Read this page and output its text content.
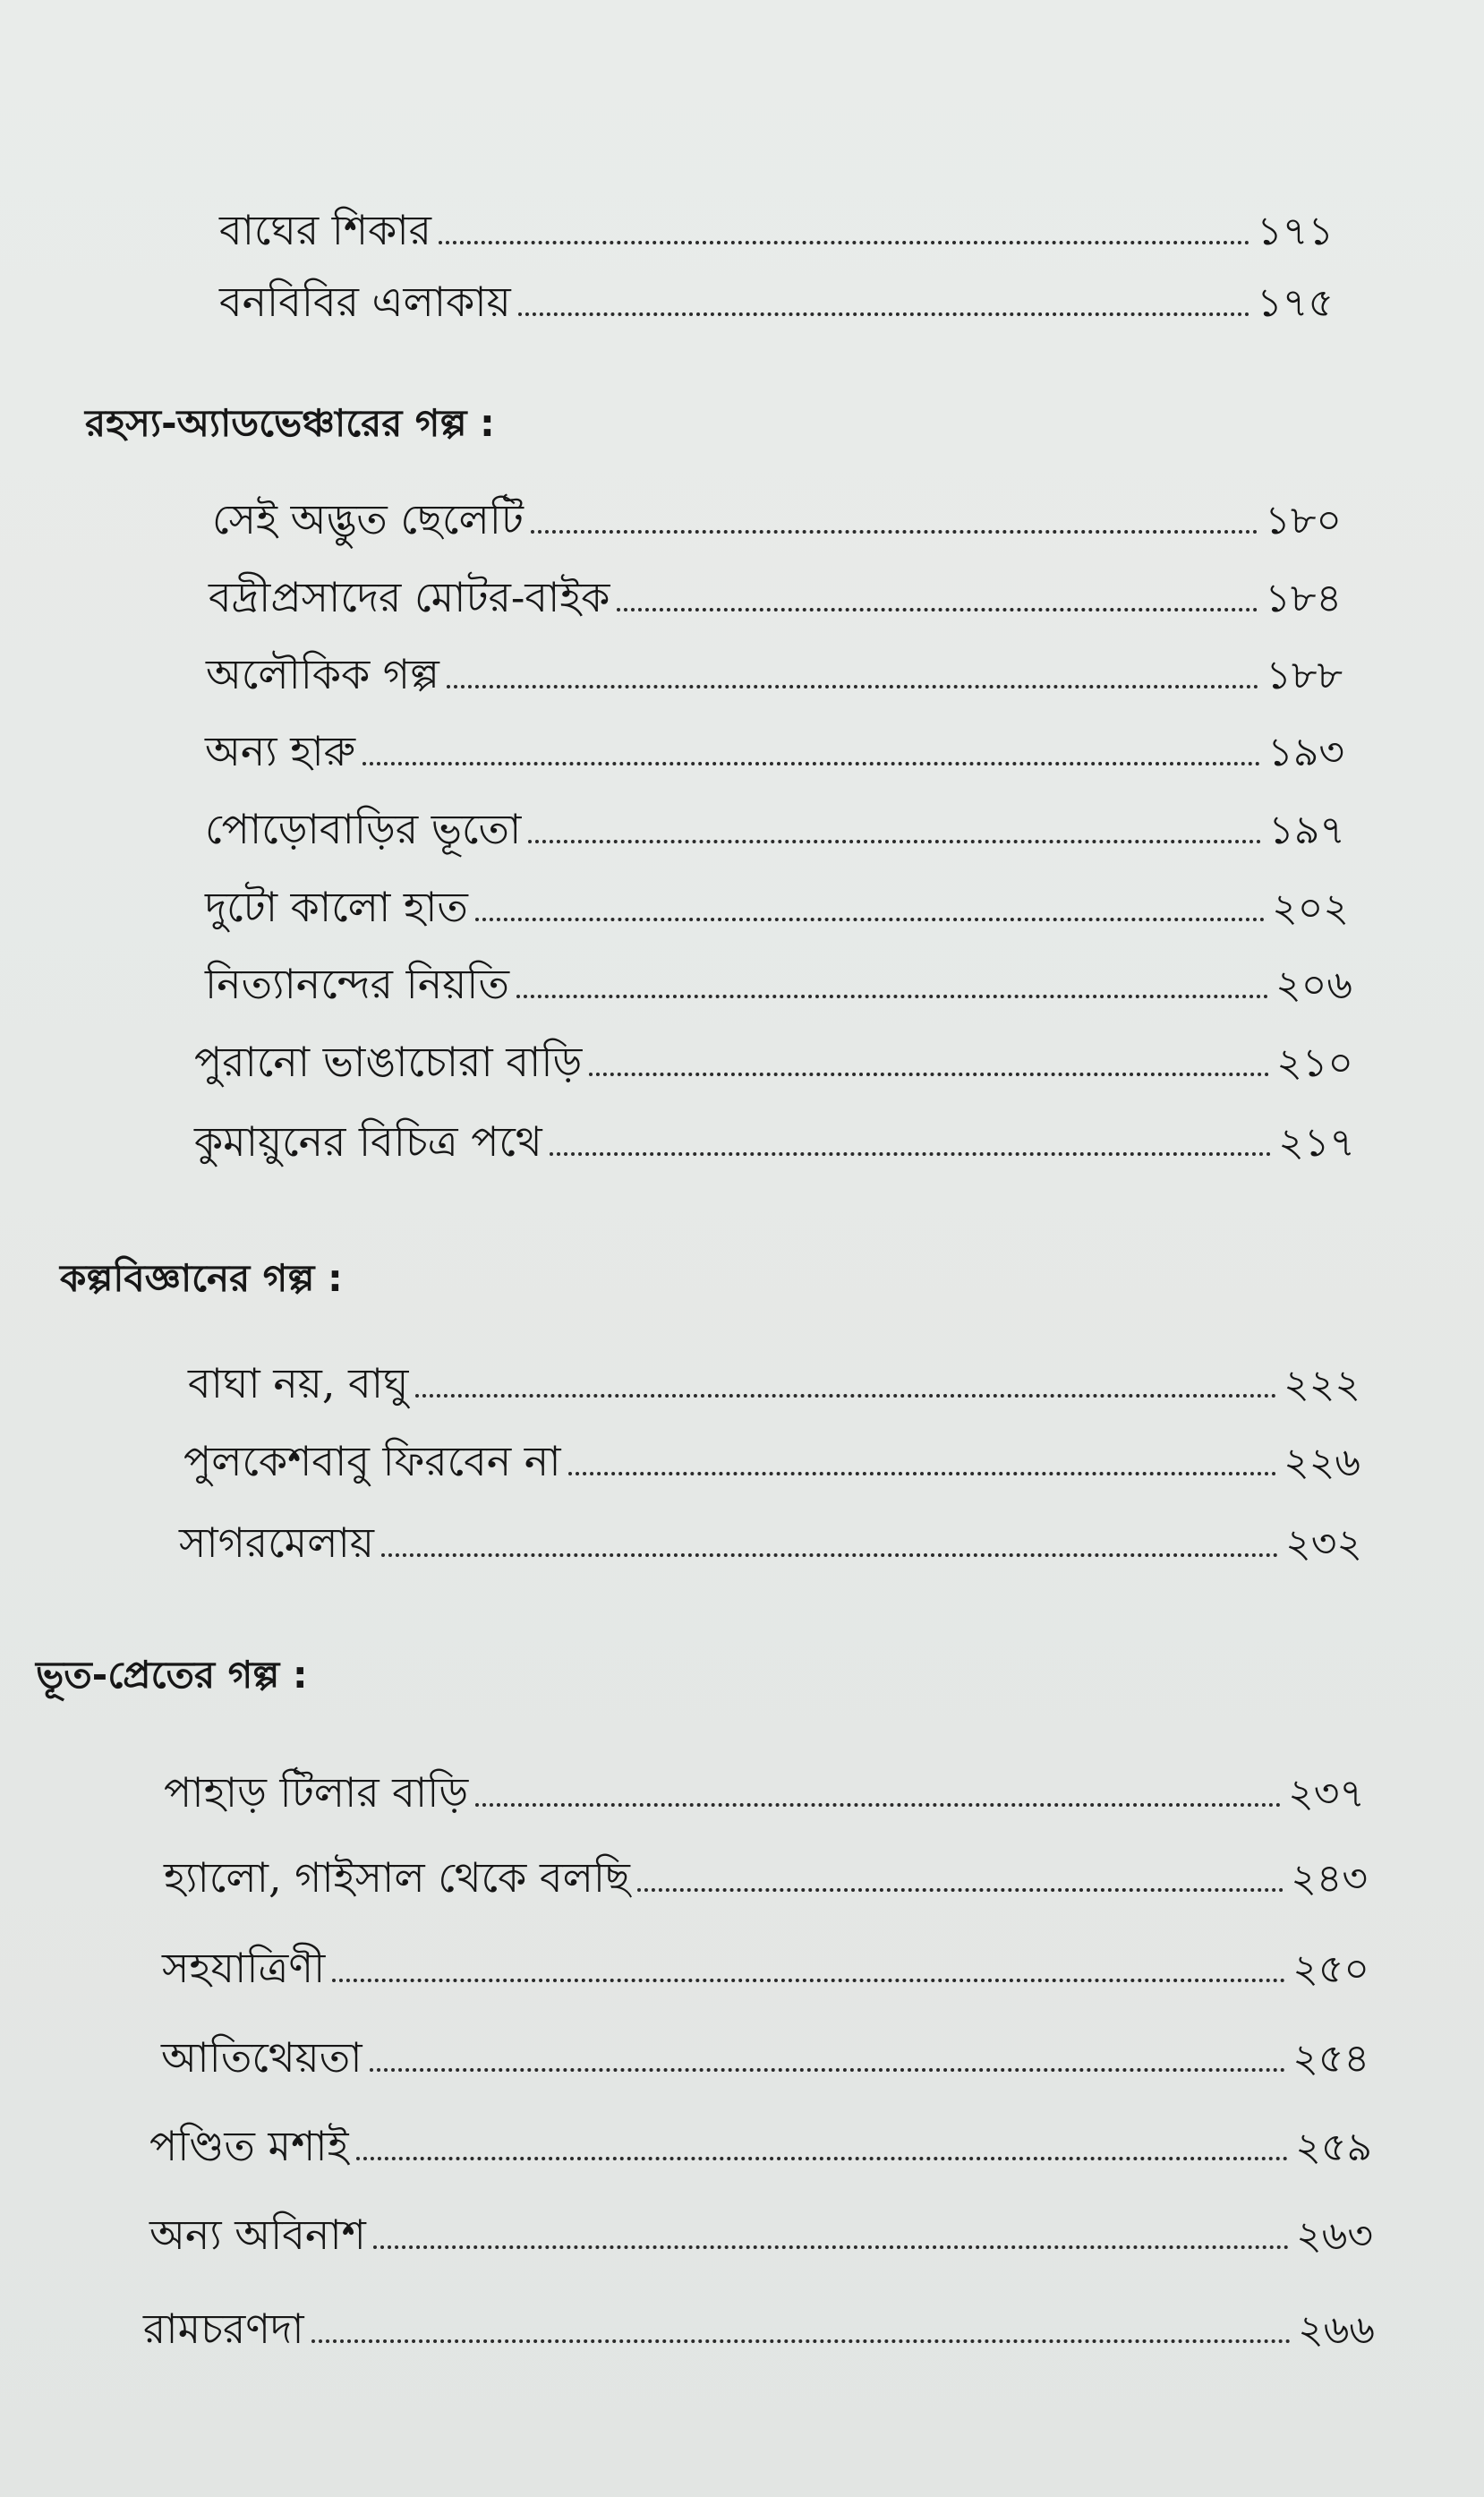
রহস্য-অ্যাডভেঞ্চারের গল্প :
কল্পবিজ্ঞানের গল্প :
ভূত-প্রেতের গল্প :
বাঘের শিকার	১৭১
বনবিবির এলাকায়	১৭৫
সেই অদ্ভুত ছেলেটি	১৮০
বদ্রীপ্রসাদের মোটর-বাইক	১৮৪
অলৌকিক গল্প	১৮৮
অন্য হারু	১৯৩
পোড়োবাড়ির ভূতো	১৯৭
দুটো কালো হাত	২০২
নিত্যানন্দের নিয়তি	২০৬
পুরানো ভাঙাচোরা বাড়ি	২১০
কুমায়ুনের বিচিত্র পথে	২১৭
বাঘা নয়, বাঘু	২২২
পুলকেশবাবু ফিরবেন না	২২৬
সাগরমেলায়	২৩২
পাহাড় টিলার বাড়ি	২৩৭
হ্যালো, গাইসাল থেকে বলছি	২৪৩
সহযাত্রিণী	২৫০
আতিথেয়তা	২৫৪
পণ্ডিত মশাই	২৫৯
অন্য অবিনাশ	২৬৩
রামচরণদা	২৬৬
